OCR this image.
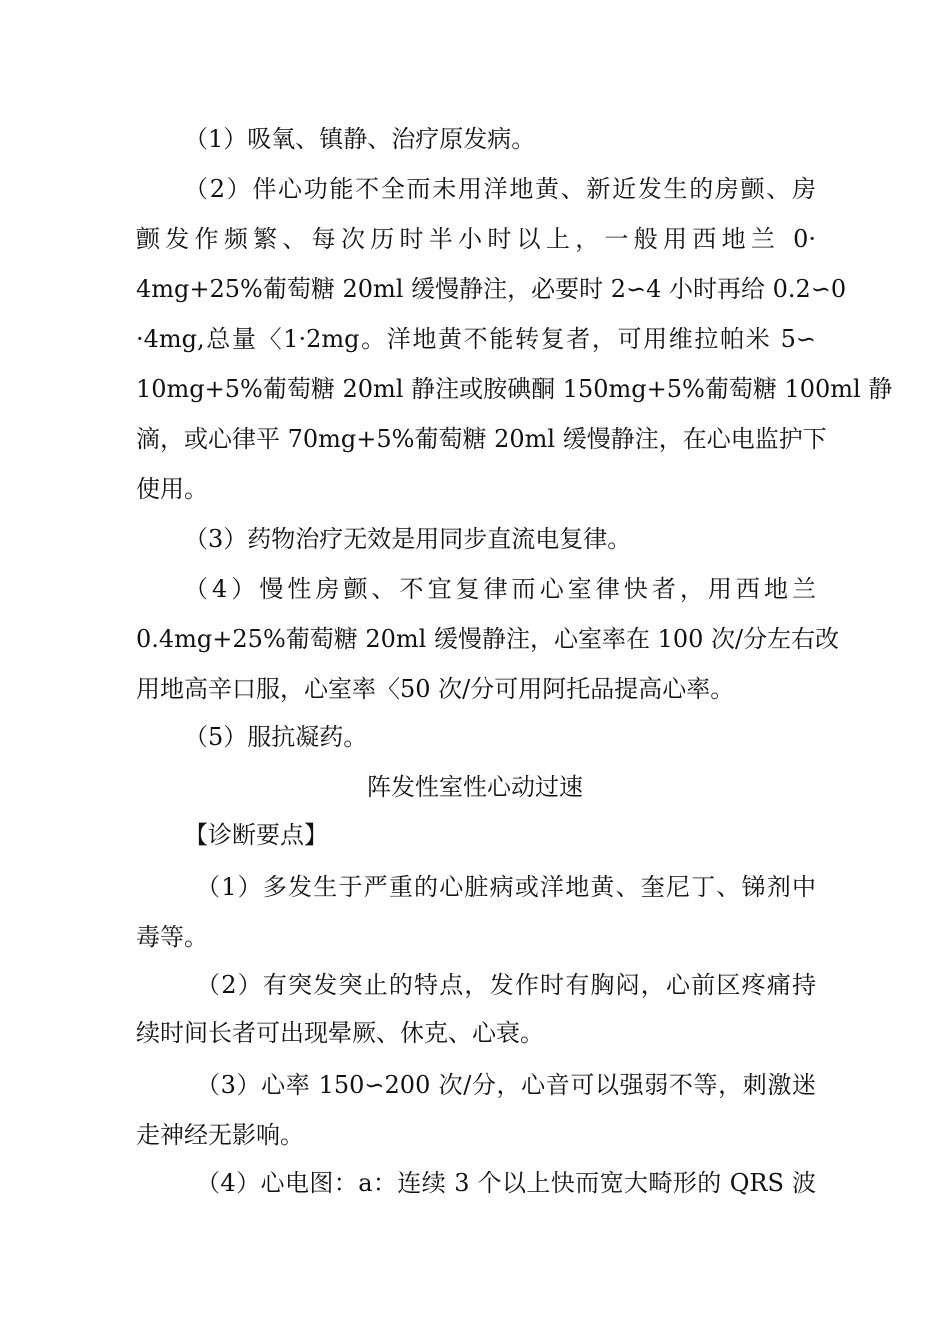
（1）吸氧、镇静、治疗原发病。
（2）伴心功能不全而未用洋地黄、新近发生的房颤、房
颤发作频繁、每次历时半小时以上，一般用西地兰 0·
4mg+25%葡萄糖 20ml 缓慢静注，必要时 2∽4 小时再给 0.2∽0
·4mg,总量〈1·2mg。洋地黄不能转复者，可用维拉帕米 5∽
10mg+5%葡萄糖 20ml 静注或胺碘酮 150mg+5%葡萄糖 100ml 静
滴，或心律平 70mg+5%葡萄糖 20ml 缓慢静注，在心电监护下
使用。
（3）药物治疗无效是用同步直流电复律。
（4）慢性房颤、不宜复律而心室律快者，用西地兰
0.4mg+25%葡萄糖 20ml 缓慢静注，心室率在 100 次/分左右改
用地高辛口服，心室率〈50 次/分可用阿托品提高心率。
（5）服抗凝药。
阵发性室性心动过速
【诊断要点】
（1）多发生于严重的心脏病或洋地黄、奎尼丁、锑剂中
毒等。
（2）有突发突止的特点，发作时有胸闷，心前区疼痛持
续时间长者可出现晕厥、休克、心衰。
（3）心率 150∽200 次/分，心音可以强弱不等，刺激迷
走神经无影响。
（4）心电图：a：连续 3 个以上快而宽大畸形的 QRS 波
